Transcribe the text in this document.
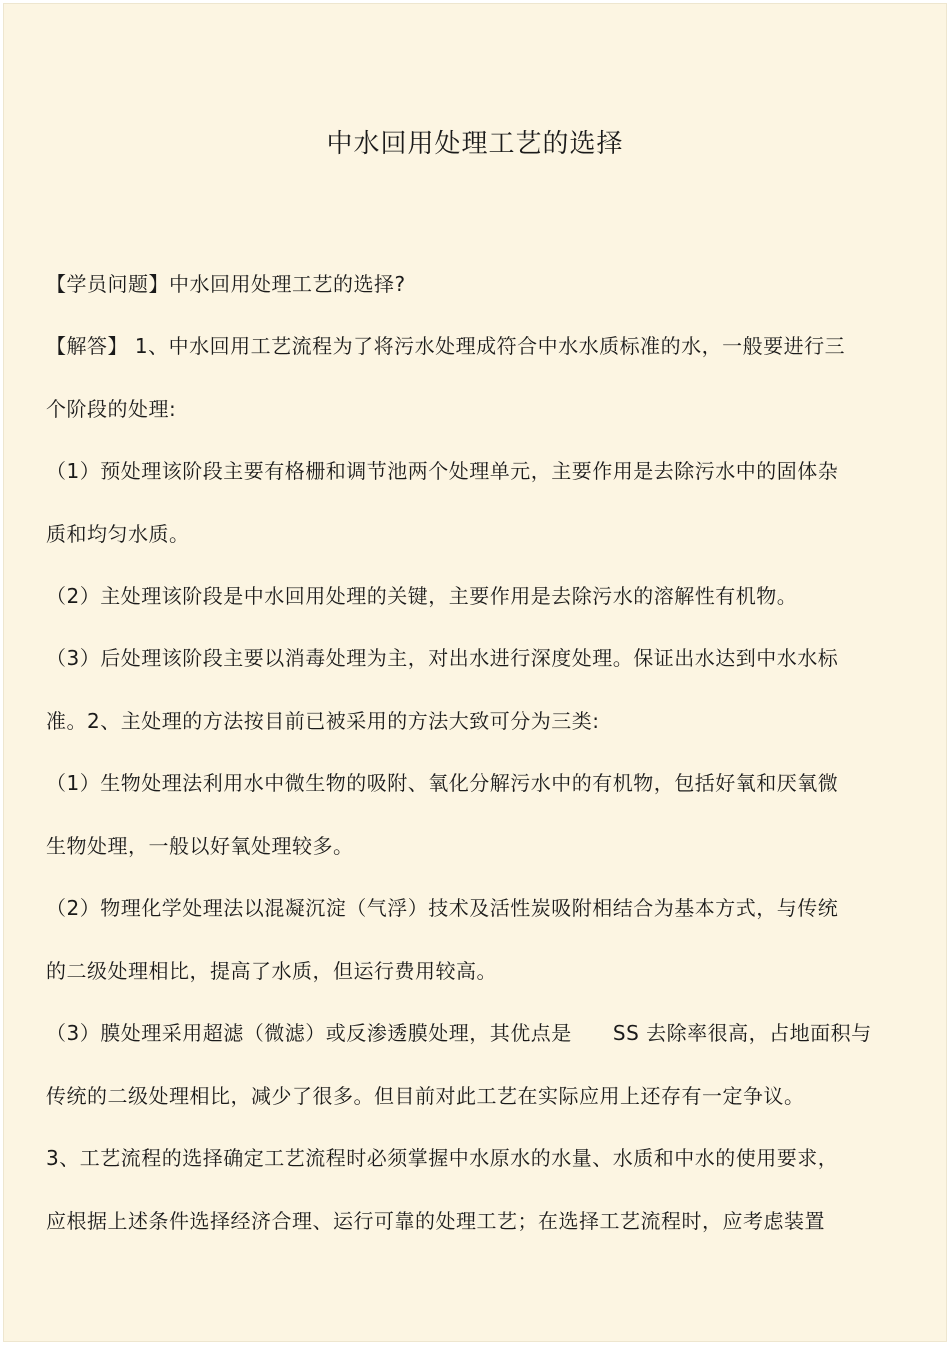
中水回用处理工艺的选择
【学员问题】中水回用处理工艺的选择?
【解答】 1、中水回用工艺流程为了将污水处理成符合中水水质标准的水，一般要进行三
个阶段的处理:
（1）预处理该阶段主要有格栅和调节池两个处理单元，主要作用是去除污水中的固体杂
质和均匀水质。
（2）主处理该阶段是中水回用处理的关键，主要作用是去除污水的溶解性有机物。
（3）后处理该阶段主要以消毒处理为主，对出水进行深度处理。保证出水达到中水水标
准。2、主处理的方法按目前已被采用的方法大致可分为三类:
（1）生物处理法利用水中微生物的吸附、氧化分解污水中的有机物，包括好氧和厌氧微
生物处理，一般以好氧处理较多。
（2）物理化学处理法以混凝沉淀（气浮）技术及活性炭吸附相结合为基本方式，与传统
的二级处理相比，提高了水质，但运行费用较高。
（3）膜处理采用超滤（微滤）或反渗透膜处理，其优点是      SS 去除率很高，占地面积与
传统的二级处理相比，减少了很多。但目前对此工艺在实际应用上还存有一定争议。
3、工艺流程的选择确定工艺流程时必须掌握中水原水的水量、水质和中水的使用要求，
应根据上述条件选择经济合理、运行可靠的处理工艺；在选择工艺流程时，应考虑装置
